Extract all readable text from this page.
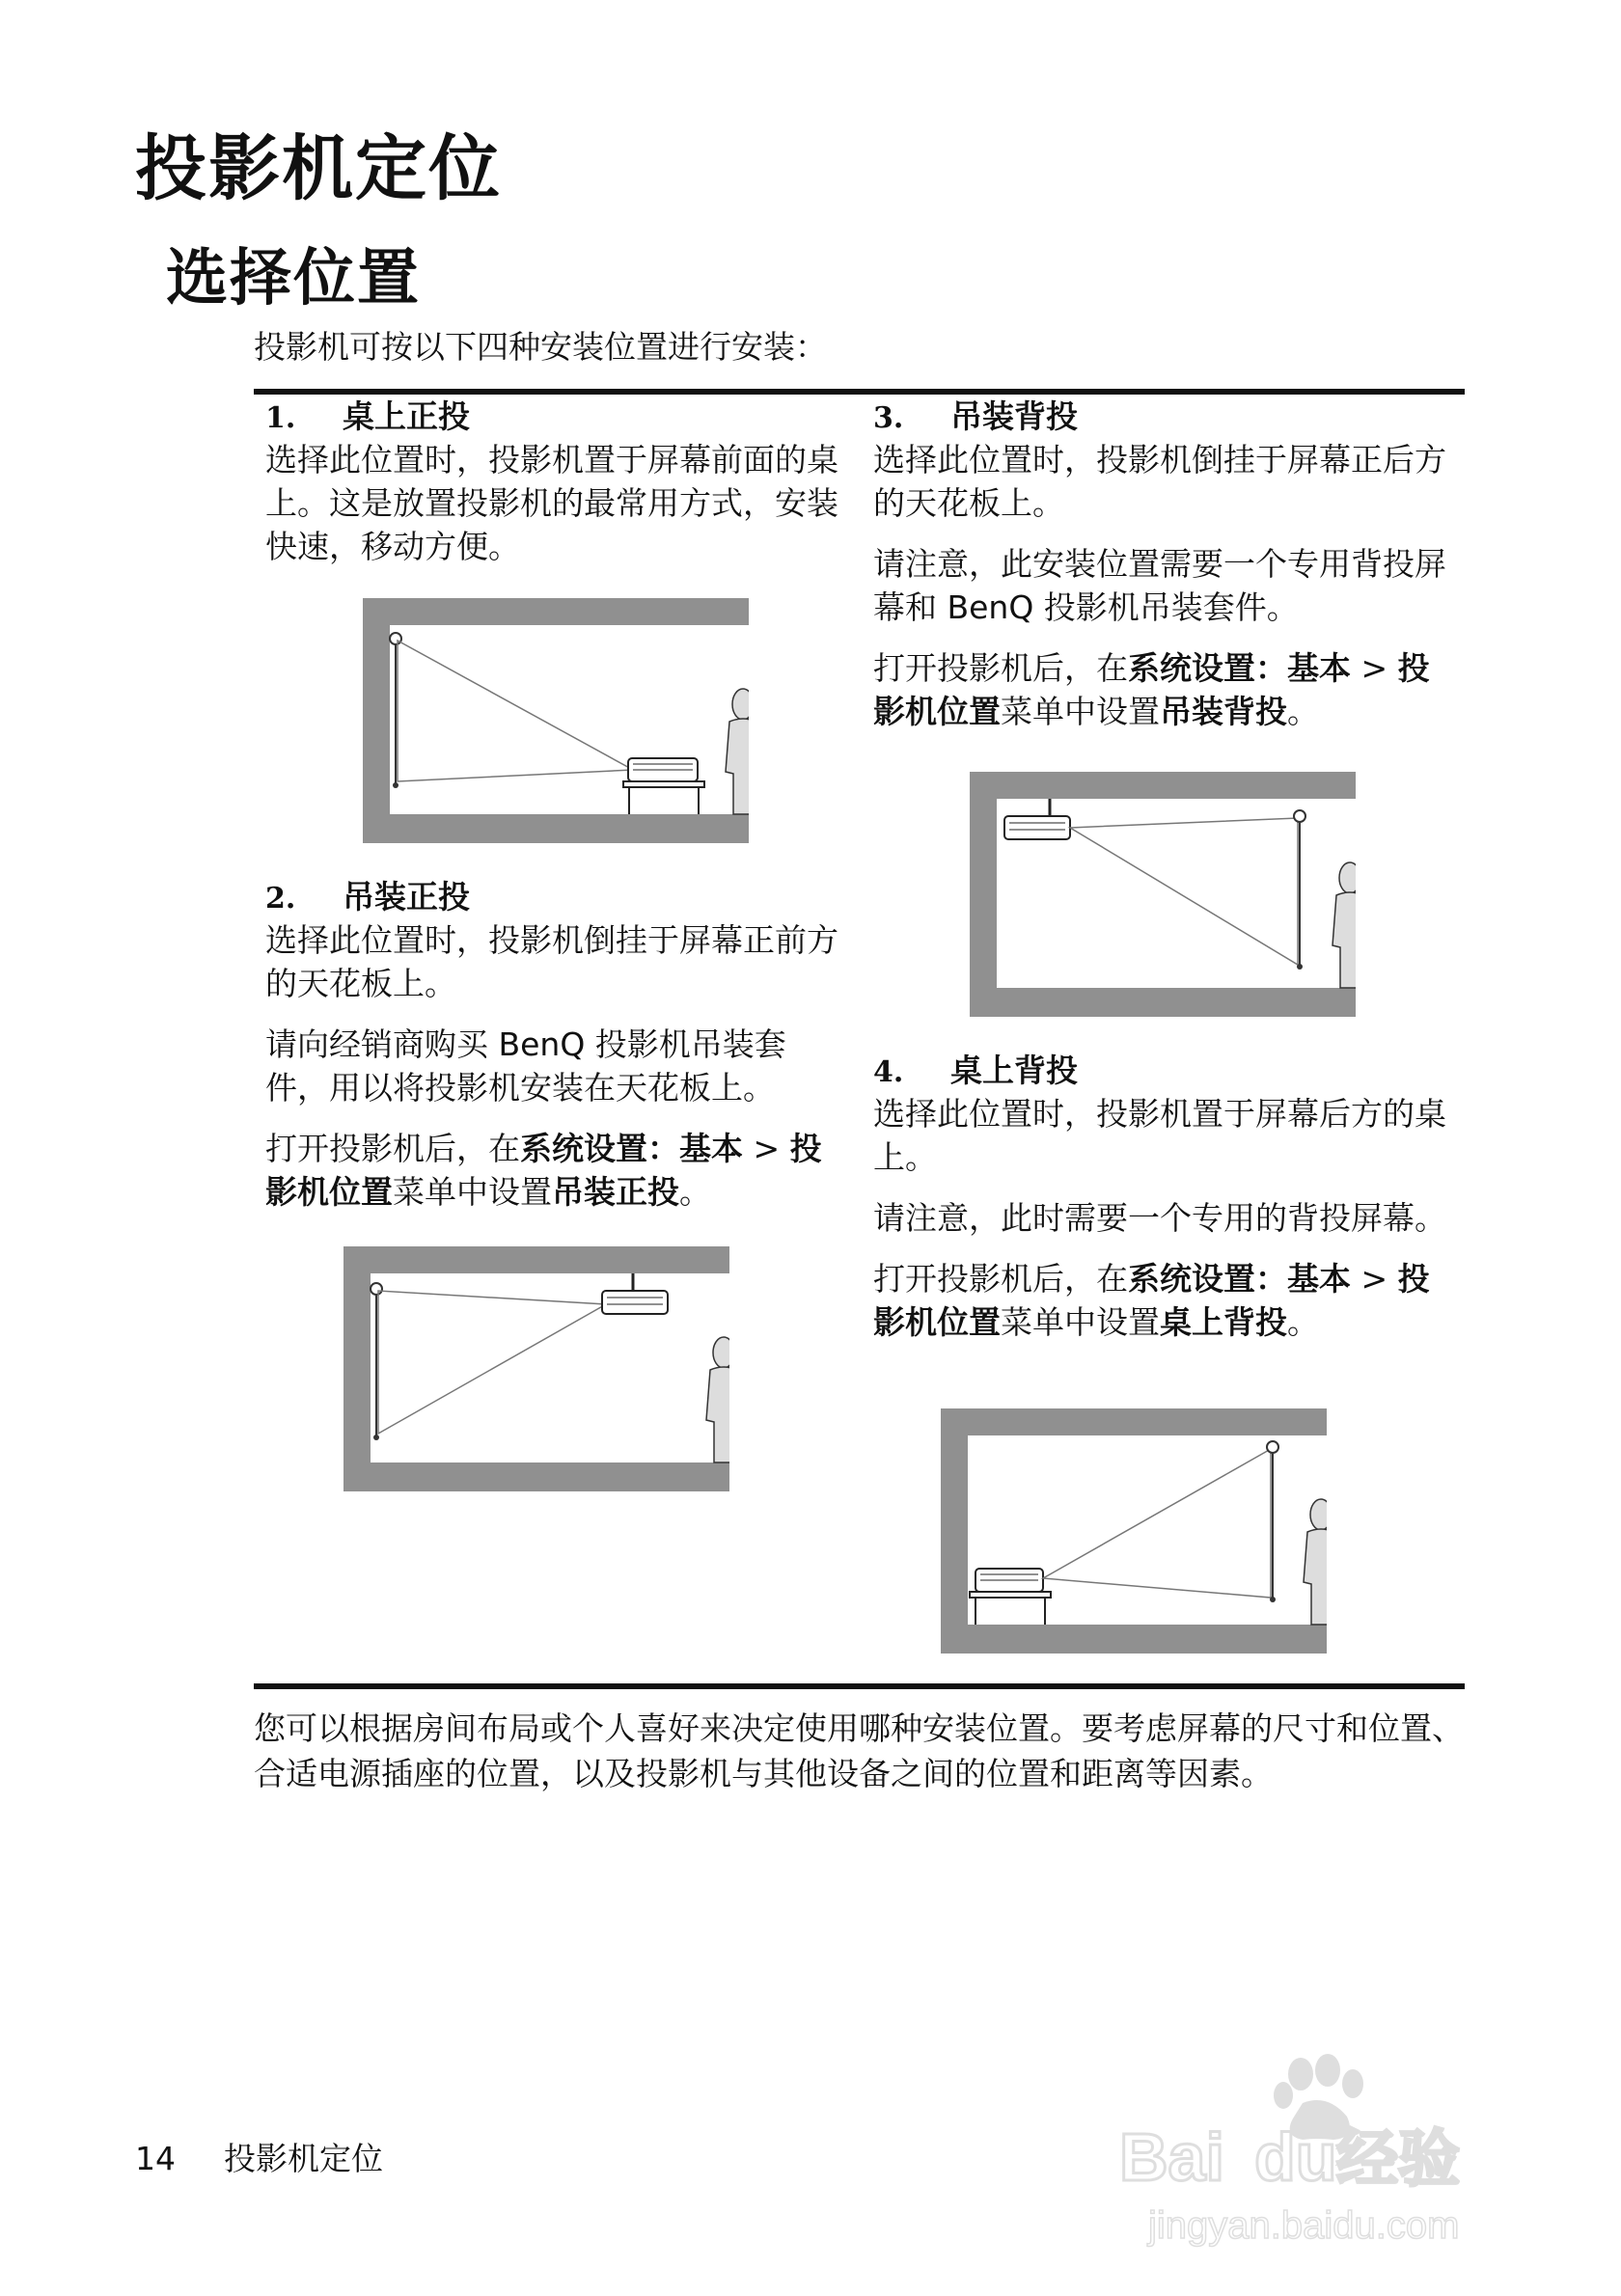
投影机定位
选择位置
投影机可按以下四种安装位置进行安装：
1. 桌上正投
选择此位置时，投影机置于屏幕前面的桌上。这是放置投影机的最常用方式，安装快速，移动方便。
2. 吊装正投
选择此位置时，投影机倒挂于屏幕正前方的天花板上。
请向经销商购买 BenQ 投影机吊装套件，用以将投影机安装在天花板上。
打开投影机后，在系统设置：基本 > 投影机位置菜单中设置吊装正投。
3. 吊装背投
选择此位置时，投影机倒挂于屏幕正后方的天花板上。
请注意，此安装位置需要一个专用背投屏幕和 BenQ 投影机吊装套件。
打开投影机后，在系统设置：基本 > 投影机位置菜单中设置吊装背投。
4. 桌上背投
选择此位置时，投影机置于屏幕后方的桌上。
请注意，此时需要一个专用的背投屏幕。
打开投影机后，在系统设置：基本 > 投影机位置菜单中设置桌上背投。
您可以根据房间布局或个人喜好来决定使用哪种安装位置。要考虑屏幕的尺寸和位置、合适电源插座的位置，以及投影机与其他设备之间的位置和距离等因素。
14 投影机定位	Bai du 经验
jingyan.baidu.com
